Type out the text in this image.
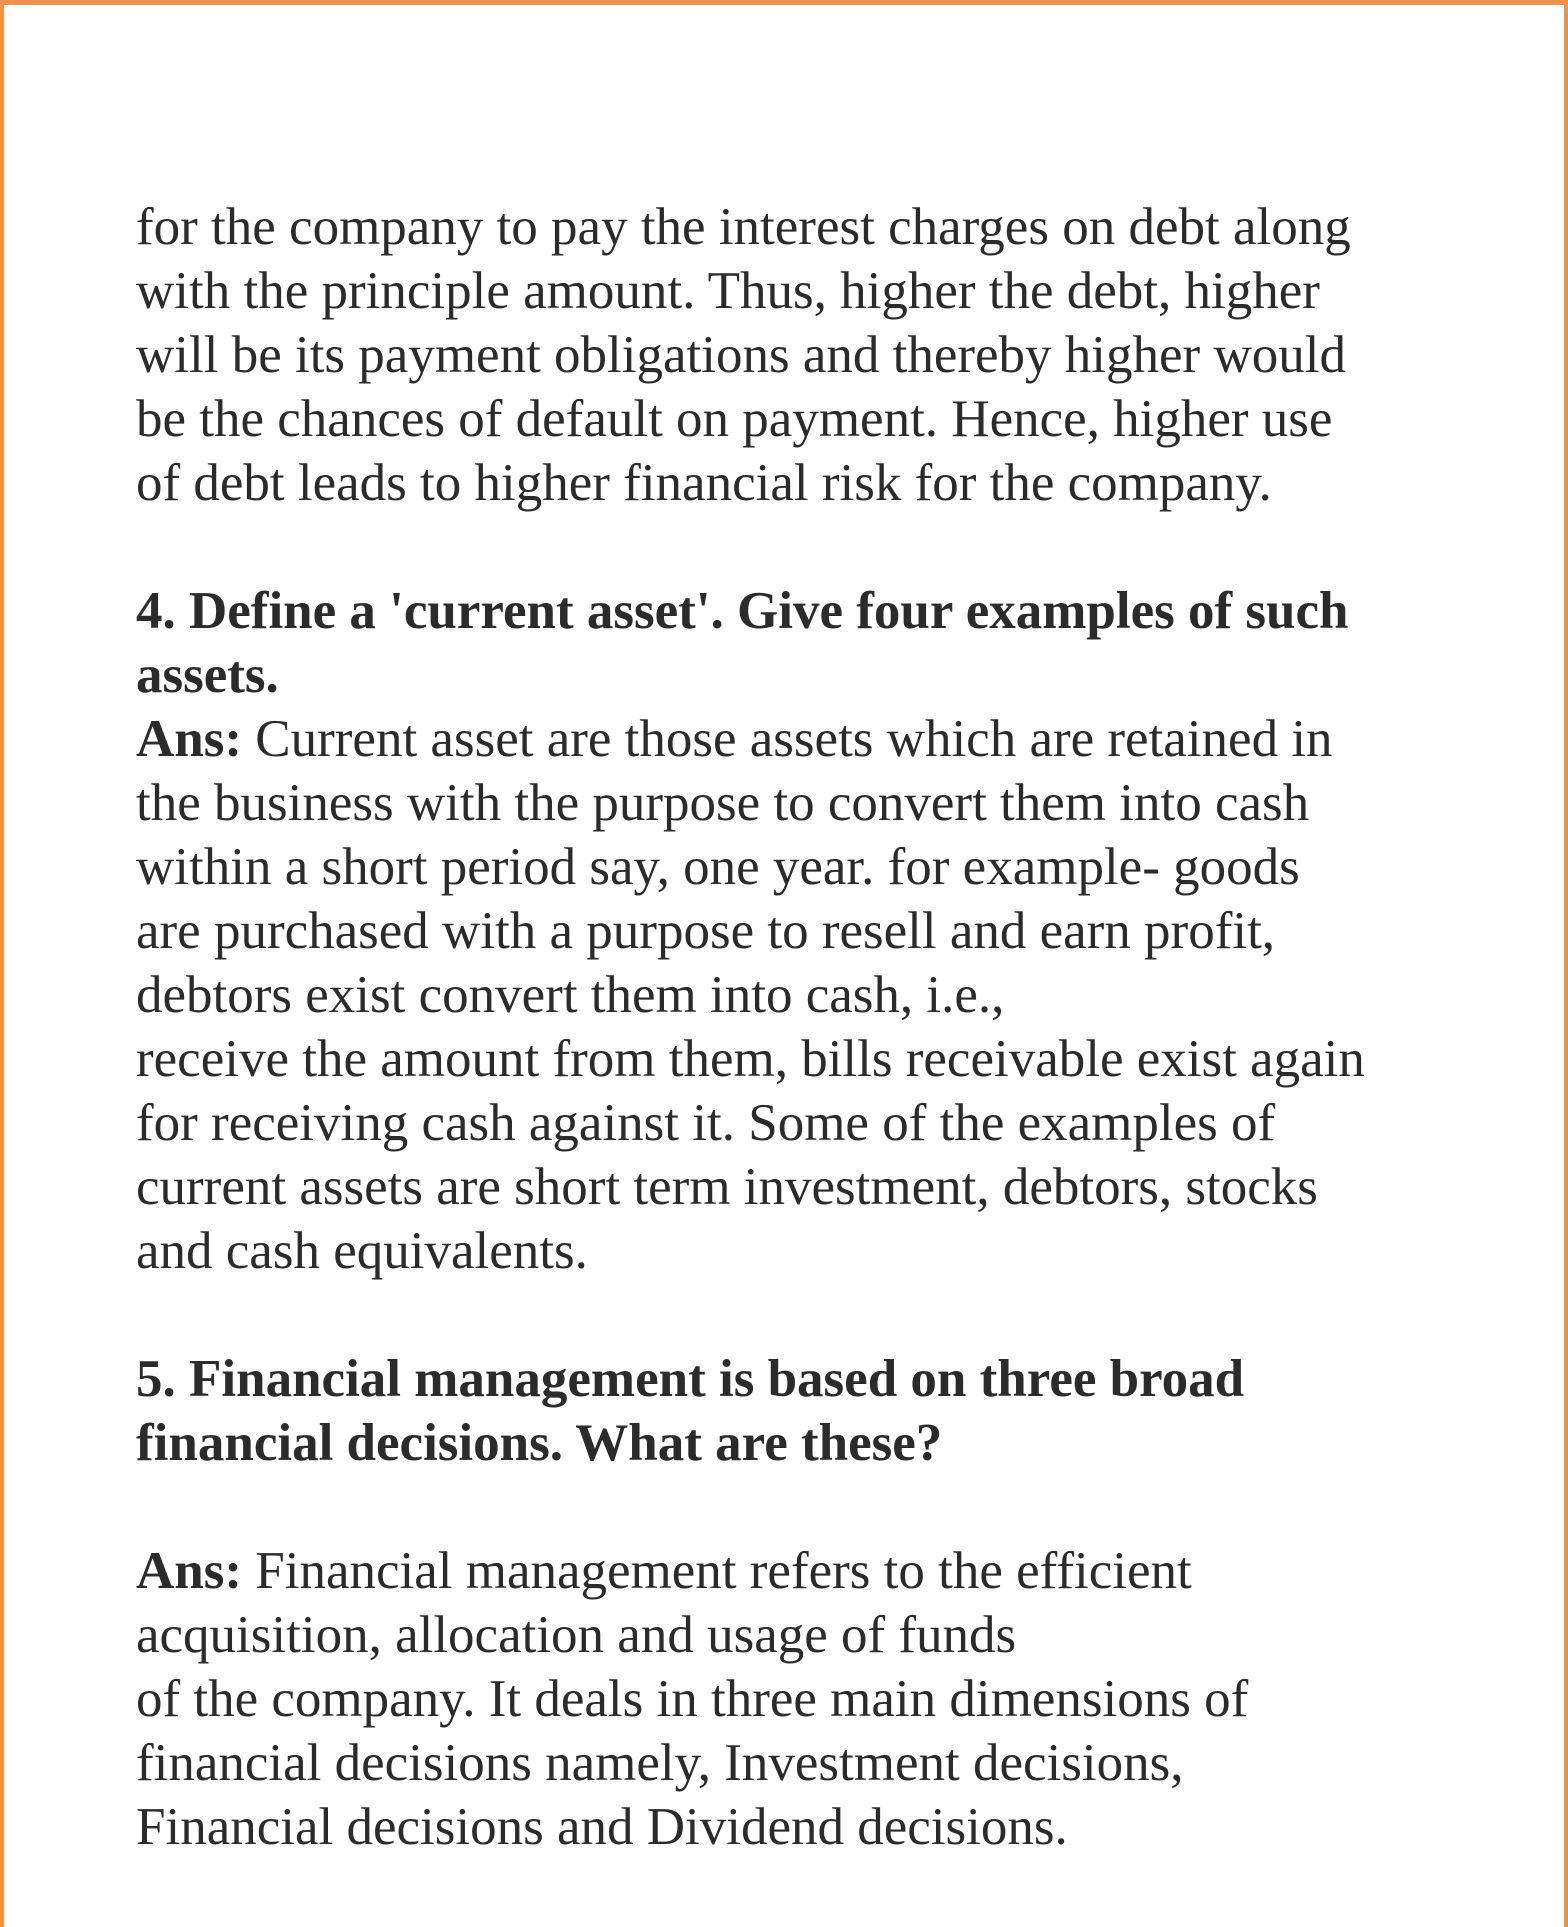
for the company to pay the interest charges on debt along
with the principle amount. Thus, higher the debt, higher
will be its payment obligations and thereby higher would
be the chances of default on payment. Hence, higher use
of debt leads to higher financial risk for the company.
4. Define a 'current asset'. Give four examples of such
assets.
Ans: Current asset are those assets which are retained in
the business with the purpose to convert them into cash
within a short period say, one year. for example- goods
are purchased with a purpose to resell and earn profit,
debtors exist convert them into cash, i.e.,
receive the amount from them, bills receivable exist again
for receiving cash against it. Some of the examples of
current assets are short term investment, debtors, stocks
and cash equivalents.
5. Financial management is based on three broad
financial decisions. What are these?
Ans: Financial management refers to the efficient
acquisition, allocation and usage of funds
of the company. It deals in three main dimensions of
financial decisions namely, Investment decisions,
Financial decisions and Dividend decisions.
